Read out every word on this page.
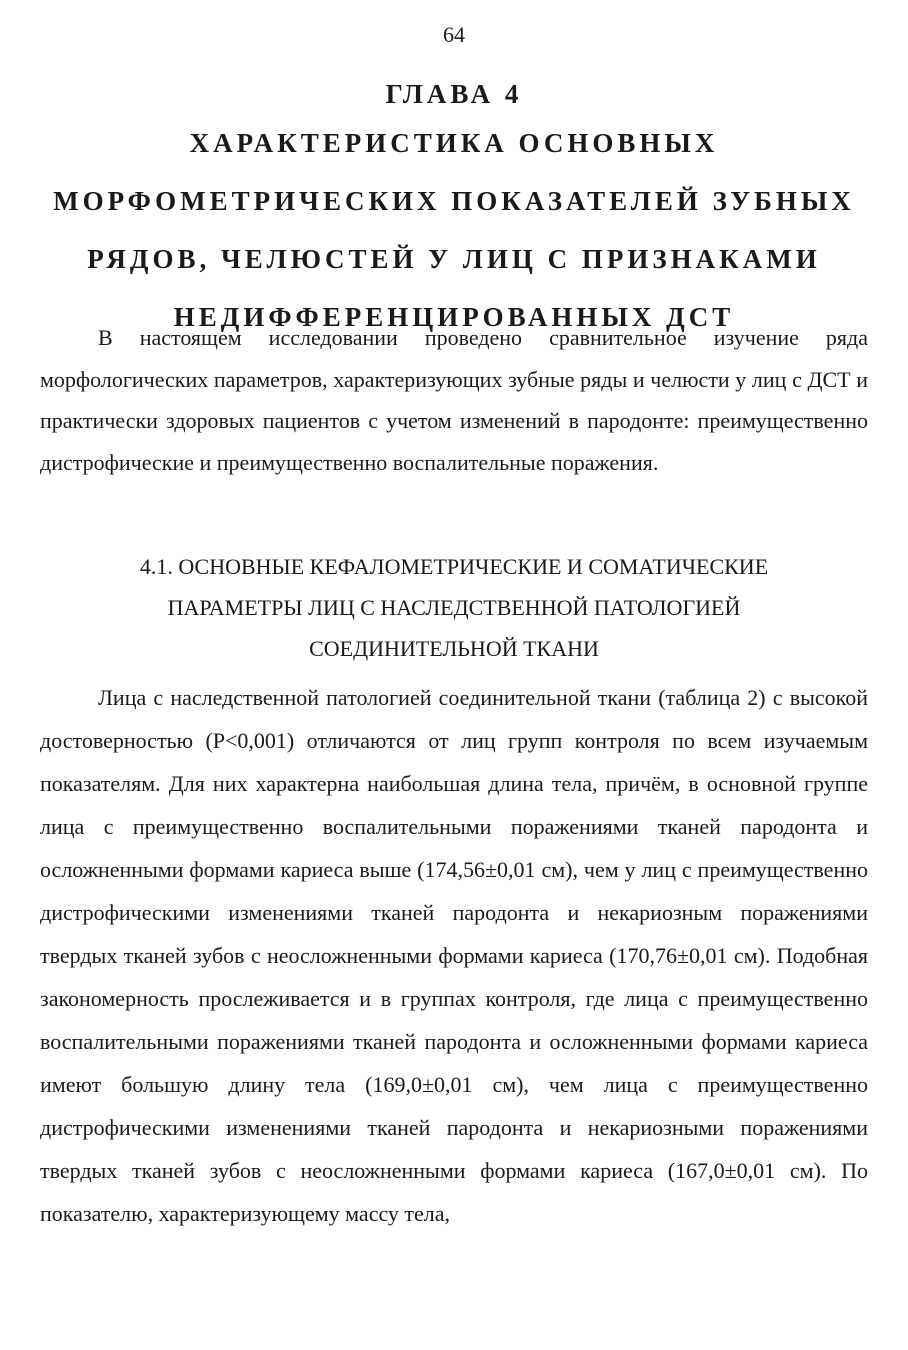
64
ГЛАВА 4
ХАРАКТЕРИСТИКА ОСНОВНЫХ
МОРФОМЕТРИЧЕСКИХ ПОКАЗАТЕЛЕЙ ЗУБНЫХ
РЯДОВ, ЧЕЛЮСТЕЙ У ЛИЦ С ПРИЗНАКАМИ
НЕДИФФЕРЕНЦИРОВАННЫХ ДСТ

В настоящем исследовании проведено сравнительное изучение ряда морфологических параметров, характеризующих зубные ряды и челюсти у лиц с ДСТ и практически здоровых пациентов с учетом изменений в пародонте: преимущественно дистрофические и преимущественно воспалительные поражения.

4.1. ОСНОВНЫЕ КЕФАЛОМЕТРИЧЕСКИЕ И СОМАТИЧЕСКИЕ
ПАРАМЕТРЫ ЛИЦ С НАСЛЕДСТВЕННОЙ ПАТОЛОГИЕЙ
СОЕДИНИТЕЛЬНОЙ ТКАНИ

Лица с наследственной патологией соединительной ткани (таблица 2) с высокой достоверностью (Р<0,001) отличаются от лиц групп контроля по всем изучаемым показателям. Для них характерна наибольшая длина тела, причём, в основной группе лица с преимущественно воспалительными поражениями тканей пародонта и осложненными формами кариеса выше (174,56±0,01 см), чем у лиц с преимущественно дистрофическими изменениями тканей пародонта и некариозным поражениями твердых тканей зубов с неосложненными формами кариеса (170,76±0,01 см). Подобная закономерность прослеживается и в группах контроля, где лица с преимущественно воспалительными поражениями тканей пародонта и осложненными формами кариеса имеют большую длину тела (169,0±0,01 см), чем лица с преимущественно дистрофическими изменениями тканей пародонта и некариозными поражениями твердых тканей зубов с неосложненными формами кариеса (167,0±0,01 см). По показателю, характеризующему массу тела,
